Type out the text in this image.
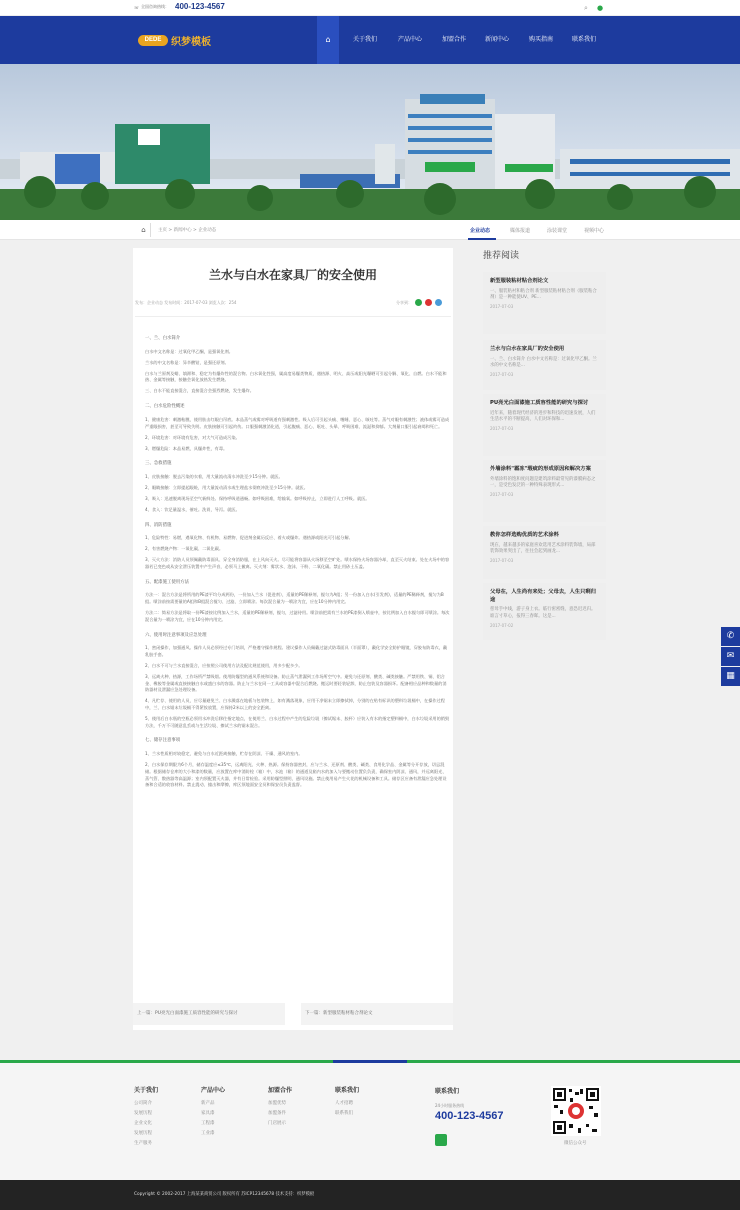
☏ 全国咨询热线： 400-123-4567	⌕ ●
DEDE 织梦模板	⌂	关于我们	产品中心	加盟合作	新闻中心	购买指南	联系我们
⌂	主页 > 新闻中心 > 企业动态	企业动态	媒体报道	涂装课堂	视频中心
兰水与白水在家具厂的安全使用
发布：企业动态 发布时间：2017-07-03 浏览人次：254	分享到：
一、兰、白水简介

白水中文名称是：过氧化甲乙酮，是强氧化剂。

兰水的中文名称是：异辛酸钴，是强还原剂。

白水与兰原剂及蜡、填滞和、稳定为有爆炸性的混合物。白水氧化性强，属高度易爆类物质，遇热源、明火、高压或阳光曝晒可引起分解、氧化、自燃。白水不能和热、金属等接触，接触会氧化放热发生燃烧。

三、白水不能直接混合，直接混合会强烈燃烧，发生爆炸。

二、白水危险性概述

1、健康危害：刺激粘膜，使用肤击红眼白吊底。本品蒸气或雾对呼吸道有强刺激性。吸入后可引起头痛、嗜睡、恶心、咳吐等。蒸气对眼有刺激性；液体或雾可造成严重眼损害，甚至可导致失明。皮肤接触可引起灼伤。口服强刺激消化道，引起腹痛、恶心、呕吐、头晕、呼吸困难、流涎和抑郁。大剂量口服引起衰竭和死亡。

2、环境危害：对环境有危害，对大气可造成污染。

3、燃爆危险：本品易燃，具爆炸性，有毒。

三、急救措施

1、皮肤接触：脱去污染的衣着，用大量流动清水冲洗至少15分钟。就医。

2、眼睛接触：立即提起眼睑，用大量流动清水或生理盐水彻底冲洗至少15分钟。就医。

3、吸入：迅速脱离现场至空气新鲜处。保持呼吸道通畅。如呼吸困难，给输氧。如呼吸停止，立即进行人工呼吸。就医。

4、食入：饮足量温水，催吐。洗胃，导泻。就医。

四、消防措施

1、危险特性：易燃，遇氧化物、有机物、易燃物、促进剂金属历反应、着火或爆炸。遇热源或阳光可引起分解。

2、有害燃烧产物：一氧化碳、二氧化碳。

3、灭火方法：消防人员须佩戴防毒面具、穿全身消防服，在上风向灭火。尽可能将容器从火场移至空旷处。喷水保持火场容器冷却，直至灭火结束。处在火场中的容器若已变色或从安全泄压装置中产生声音，必须马上撤离。灭火剂：雾状水、泡沫、干粉、二氧化碳。禁止用砂土压盖。

五、配漆施工使用方法

方法一：混合方法是将所用的PE漆平均分成两份，一份加入兰水（促进剂），适量的PE稀释剂，搅匀为A组；另一份加入白水(引发剂)，适量的PE稀释剂，搅匀为B组。喷涂前按需要量的A组和B组混合搅匀、过滤、立即喷涂。每次混合量为一喷涂为宜，应在10分钟内用完。

方法二：简易方法是将取一份PE漆按比例加入兰水，适量的PE稀释剂，搅匀，过滤待用。喷涂前把需有兰水的PE漆倒入喷壶中，按比例加入白水搅匀即可喷涂。每次混合量为一喷涂为宜，应在10分钟内用完。

六、使用时注意事项及应急处理

1、密闭操作，加强通风。操作人员必须经过专门培训，严格遵守操作规程。建议操作人员佩戴过滤式防毒面具（半面罩），戴化学安全防护眼镜，穿胶布防毒衣，戴乳胶手套。

2、白水不可与兰水直接混合，应按照公司使用方法及配比规范使用，用多少配多少。

3、远离火种、热源，工作场所严禁吸烟。使用防爆型的通风系统和设备。防止蒸气泄漏到工作场所空气中。避免与还原剂、酸类、碱类接触。严禁用铁、铜、铝合金、橡胶等金属或直接接触白水或盛白水的容器。防止与兰水在同一工具或容器中混合后燃烧。搬运时要轻装轻卸，防止包装及容器损坏。配备相应品种和数量的消防器材及泄漏应急处理设备。

4、凡贮存、使用的人员，应尽量避免兰、白水溅落在地板与包装物上，如有溅落现象，应用干净锯末立即擦拭掉，分别的在贴有标识的塑料垃圾桶中，在操作过程中，兰、白水锯末垃圾桶不得紧挨放置，应保持2米以上的安全距离。

5、使用后白水瓶的空瓶必须用水冲洗后移往指定地点，在使用兰、白水过程中产生的危险垃圾（擦试锯末、胶杯）应装入有水的指定塑料桶中，白水垃圾采用的销毁方法，千万不可随意乱丢或与生活垃圾、擦试兰水的锯末混合。

七、储存注意事项

1、兰水性质相对较稳定，避免与白水近距离接触，贮存在阴凉、干燥、通风的室内。

2、白水保存期限为6个月，储存温度应≤35℃，远离阳光、火种、热源。保持容器密封，应与兰水、还原剂、酸类、碱类、食用化学品、金属等分开存放，切忌混储。根据储存仓库的大小和漆的数量，应放置在库中消防栓（箱）中，水池（箱）的通道及箱内水的加入与要搬动位置负负责，确保室内阴凉、通风，并远离阳光、蒸气管、散热器等高温源；室内须配置灭火器，并有日常检验。采用防爆型照明、通风设施。禁止使用易产生火花的机械设备和工具。储存区应备有泄漏应急处理设备和合适的收容材料。禁止震动、撞击和摩擦，库区须地面安全员和保安员负责监督。

上一篇：PU亮光白面漆施工质容性能的研究与探讨	下一篇：新型服装粘材粘合剂论文
推荐阅读
新型服装粘材粘合剂论文

一、服装粘衬和粘合剂 新型服装粘材粘合剂（服装粘合剂）是一种能使UV、PE...

2017-07-03
兰水与白水在家具厂的安全使用

一、兰、白水简介 白水中文名称是：过氧化甲乙酮。兰水的中文名称是...

2017-07-03
PU亮光白面漆施工质容性能的研究与探讨

近年来，随着现代经济的进步和科技的迅速发展，人们生活水平的不断提高，人们对环保和...

2017-07-03
外墙涂料"霜冻"瑕疵的形成原因和解决方案

外墙涂料的饱和度问题是建筑涂料最常见的漆膜病态之一，是受色发泛的一种特殊表现形式...

2017-07-03
教你怎样选购优质的艺术涂料

现在，越来越多的家庭喜欢选用艺术涂料装饰墙，局部装饰效果突出了，往往会起到画龙...

2017-07-03
父母在，人生尚有来处；父母去，人生只剩归途

慈母手中线，游子身上衣。临行密密缝，意恐迟迟归。谁言寸草心，报得三春晖。这是...

2017-07-02
✆
✉
▦
关于我们
公司简介
发展历程
企业文化
发展历程
生产服务
产品中心
新产品
家具漆
工程漆
工业漆
加盟合作
加盟优势
加盟条件
门店展示
联系我们
人才招聘
联系我们
联系我们
24小时服务热线
400-123-4567
微信公众号
Copyright © 2002-2017 上海某某商贸公司 版权所有 苏ICP12345678 技术支持：织梦模板
